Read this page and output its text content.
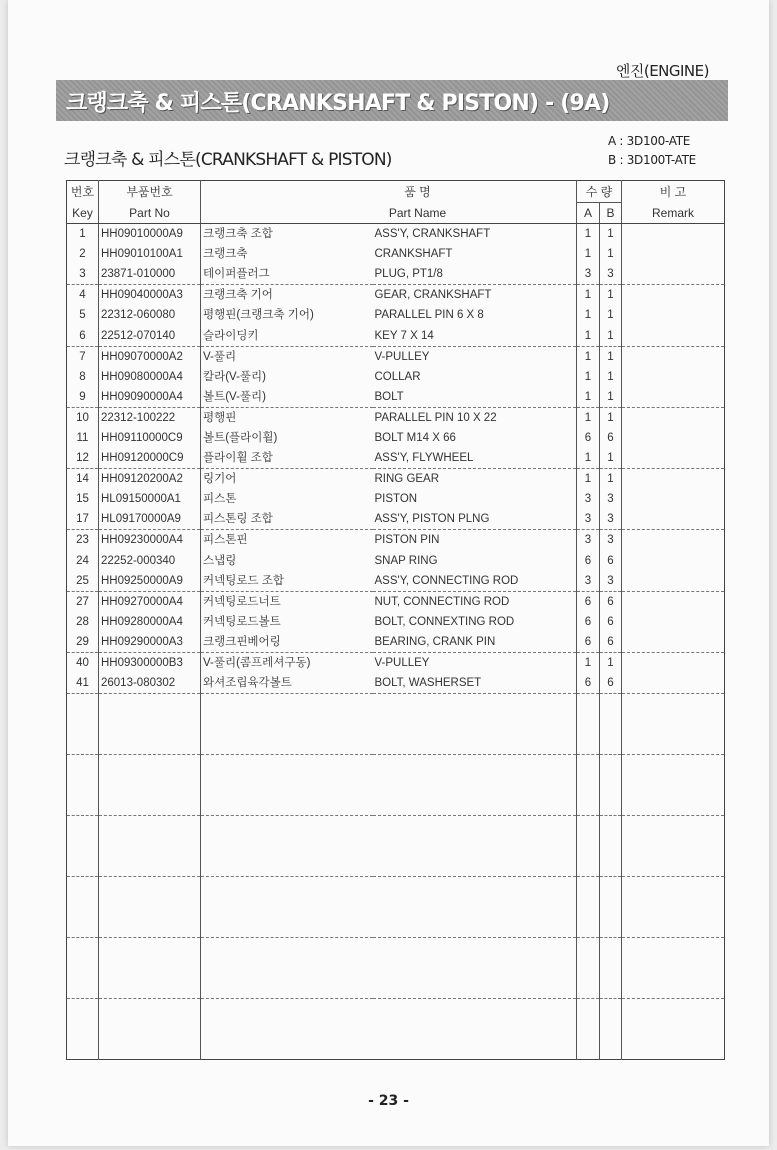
엔진(ENGINE)
크랭크축 & 피스톤(CRANKSHAFT & PISTON) - (9A)
크랭크축 & 피스톤(CRANKSHAFT & PISTON)
A : 3D100-ATE
B : 3D100T-ATE
번호	부품번호	품 명		수 량		비 고
Key	Part No	Part Name		A	B	Remark
1	HH09010000A9	크랭크축 조합	ASS'Y, CRANKSHAFT	1	1	
2	HH09010100A1	크랭크축	CRANKSHAFT	1	1	
3	23871-010000	테이퍼플러그	PLUG, PT1/8	3	3	
4	HH09040000A3	크랭크축 기어	GEAR, CRANKSHAFT	1	1	
5	22312-060080	평행핀(크랭크축 기어)	PARALLEL PIN 6 X 8	1	1	
6	22512-070140	슬라이딩키	KEY 7 X 14	1	1	
7	HH09070000A2	V-풀리	V-PULLEY	1	1	
8	HH09080000A4	칼라(V-풀리)	COLLAR	1	1	
9	HH09090000A4	볼트(V-풀리)	BOLT	1	1	
10	22312-100222	평행핀	PARALLEL PIN 10 X 22	1	1	
11	HH09110000C9	볼트(플라이휠)	BOLT M14 X 66	6	6	
12	HH09120000C9	플라이휠 조합	ASS'Y, FLYWHEEL	1	1	
14	HH09120200A2	링기어	RING GEAR	1	1	
15	HL09150000A1	피스톤	PISTON	3	3	
17	HL09170000A9	피스톤링 조합	ASS'Y, PISTON PLNG	3	3	
23	HH09230000A4	피스톤핀	PISTON PIN	3	3	
24	22252-000340	스냅링	SNAP RING	6	6	
25	HH09250000A9	커넥팅로드 조합	ASS'Y, CONNECTING ROD	3	3	
27	HH09270000A4	커넥팅로드너트	NUT, CONNECTING ROD	6	6	
28	HH09280000A4	커넥팅로드볼트	BOLT, CONNEXTING ROD	6	6	
29	HH09290000A3	크랭크핀베어링	BEARING, CRANK PIN	6	6	
40	HH09300000B3	V-풀리(콤프레셔구동)	V-PULLEY	1	1	
41	26013-080302	와셔조립육각볼트	BOLT, WASHERSET	6	6	

- 23 -
